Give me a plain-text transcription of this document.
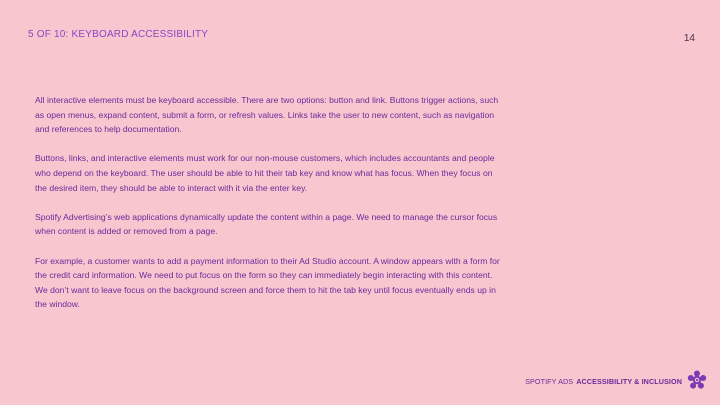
5 OF 10: KEYBOARD ACCESSIBILITY	14

All interactive elements must be keyboard accessible. There are two options: button and link. Buttons trigger actions, such as open menus, expand content, submit a form, or refresh values. Links take the user to new content, such as navigation and references to help documentation.

Buttons, links, and interactive elements must work for our non-mouse customers, which includes accountants and people who depend on the keyboard. The user should be able to hit their tab key and know what has focus. When they focus on the desired item, they should be able to interact with it via the enter key.

Spotify Advertising’s web applications dynamically update the content within a page. We need to manage the cursor focus when content is added or removed from a page.

For example, a customer wants to add a payment information to their Ad Studio account. A window appears with a form for the credit card information. We need to put focus on the form so they can immediately begin interacting with this content. We don’t want to leave focus on the background screen and force them to hit the tab key until focus eventually ends up in the window.

SPOTIFY ADS ACCESSIBILITY & INCLUSION
